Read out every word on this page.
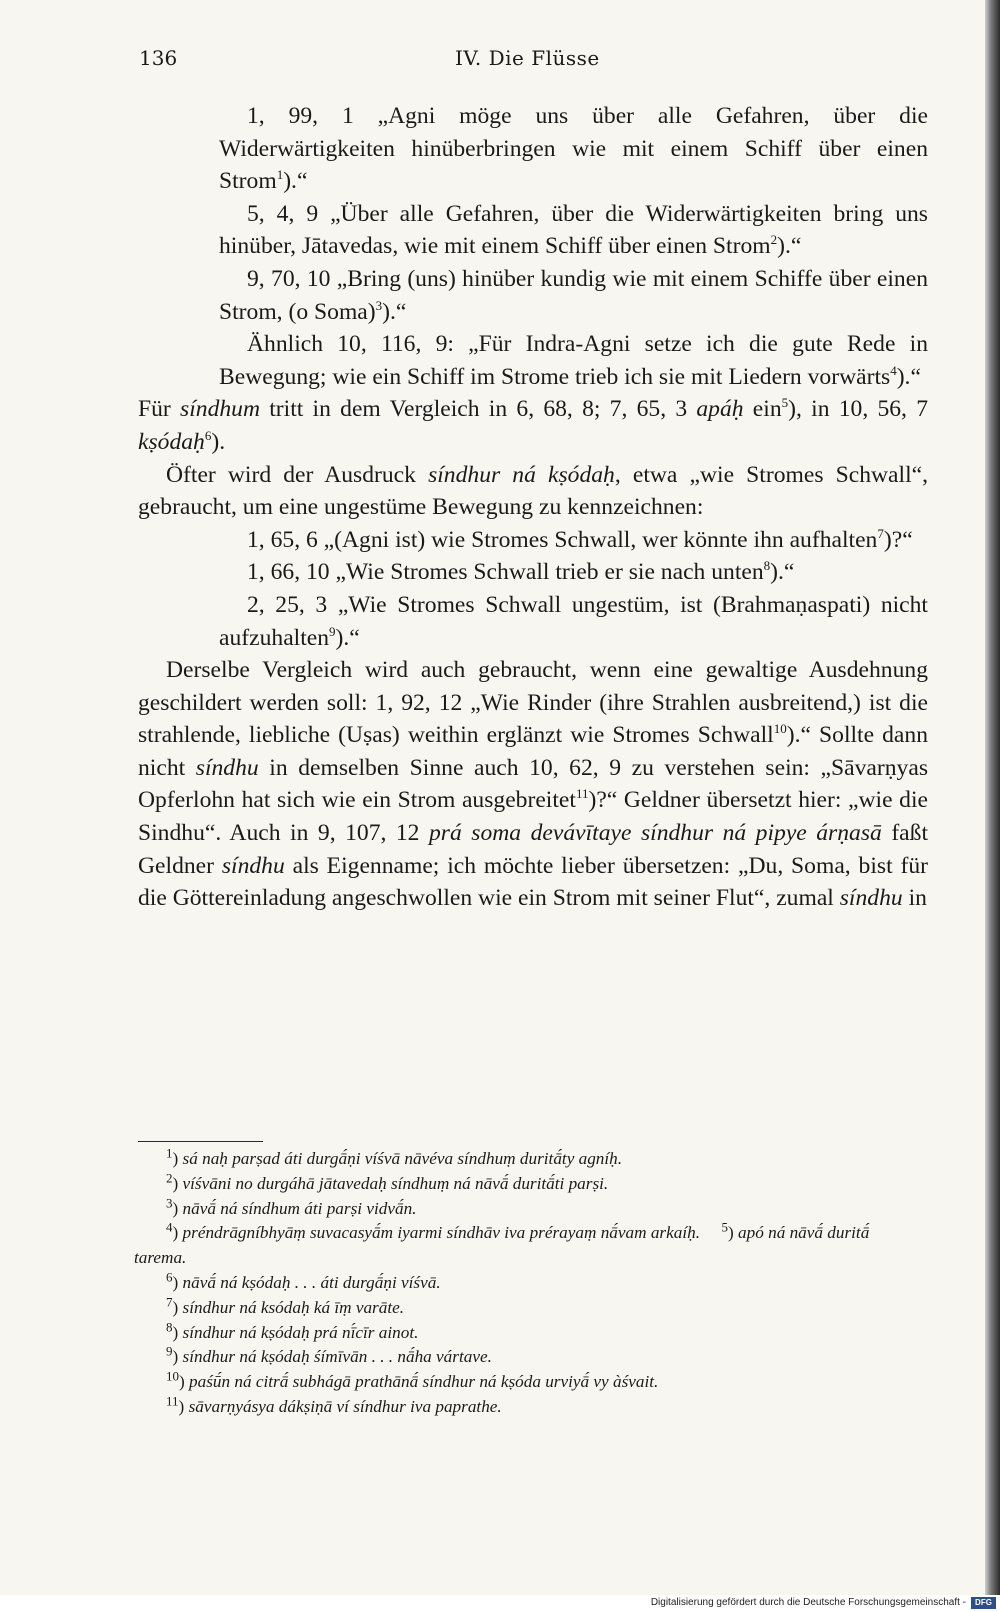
136	IV. Die Flüsse

1, 99, 1 „Agni möge uns über alle Gefahren, über die Widerwärtigkeiten hinüberbringen wie mit einem Schiff über einen Strom$^1$).“

5, 4, 9 „Über alle Gefahren, über die Widerwärtigkeiten bring uns hinüber, Jātavedas, wie mit einem Schiff über einen Strom$^2$).“

9, 70, 10 „Bring (uns) hinüber kundig wie mit einem Schiffe über einen Strom, (o Soma)$^3$).“

Ähnlich 10, 116, 9: „Für Indra-Agni setze ich die gute Rede in Bewegung; wie ein Schiff im Strome trieb ich sie mit Liedern vorwärts$^4$).“

Für síndhum tritt in dem Vergleich in 6, 68, 8; 7, 65, 3 apáḥ ein$^5$), in 10, 56, 7 kṣódaḥ$^6$).

Öfter wird der Ausdruck síndhur ná kṣódaḥ, etwa „wie Stromes Schwall“, gebraucht, um eine ungestüme Bewegung zu kennzeichnen:

1, 65, 6 „(Agni ist) wie Stromes Schwall, wer könnte ihn aufhalten$^7$)?“

1, 66, 10 „Wie Stromes Schwall trieb er sie nach unten$^8$).“

2, 25, 3 „Wie Stromes Schwall ungestüm, ist (Brahmaṇaspati) nicht aufzuhalten$^9$).“

Derselbe Vergleich wird auch gebraucht, wenn eine gewaltige Ausdehnung geschildert werden soll: 1, 92, 12 „Wie Rinder (ihre Strahlen ausbreitend,) ist die strahlende, liebliche (Uṣas) weithin erglänzt wie Stromes Schwall$^{10}$).“ Sollte dann nicht síndhu in demselben Sinne auch 10, 62, 9 zu verstehen sein: „Sāvarṇyas Opferlohn hat sich wie ein Strom ausgebreitet$^{11}$)?“ Geldner übersetzt hier: „wie die Sindhu“. Auch in 9, 107, 12 prá soma devávītaye síndhur ná pipye árṇasā faßt Geldner síndhu als Eigenname; ich möchte lieber übersetzen: „Du, Soma, bist für die Göttereinladung angeschwollen wie ein Strom mit seiner Flut“, zumal síndhu in

$^1$) sá naḥ parṣad áti durgā́ṇi víśvā nāvéva síndhuṃ duritā́ty agníḥ.

$^2$) víśvāni no durgáhā jātavedaḥ síndhuṃ ná nāvā́ duritā́ti parṣi.

$^3$) nāvā́ ná síndhum áti parṣi vidvā́n.

$^4$) préndrāgníbhyāṃ suvacasyā́m iyarmi síndhāv iva prérayaṃ nā́vam arkaíḥ. $^5$) apó ná nāvā́ duritā́ tarema.

$^6$) nāvā́ ná kṣódaḥ . . . áti durgā́ṇi víśvā.

$^7$) síndhur ná ksódaḥ ká īṃ varāte.

$^8$) síndhur ná kṣódaḥ prá nī́cīr ainot.

$^9$) síndhur ná kṣódaḥ śímīvān . . . nā́ha vártave.

$^{10}$) paśū́n ná citrā́ subhágā prathānā́ síndhur ná kṣóda urviyā́ vy àśvait.

$^{11}$) sāvarṇyásya dákṣiṇā ví síndhur iva paprathe.

Digitalisierung gefördert durch die Deutsche Forschungsgemeinschaft -	DFG
